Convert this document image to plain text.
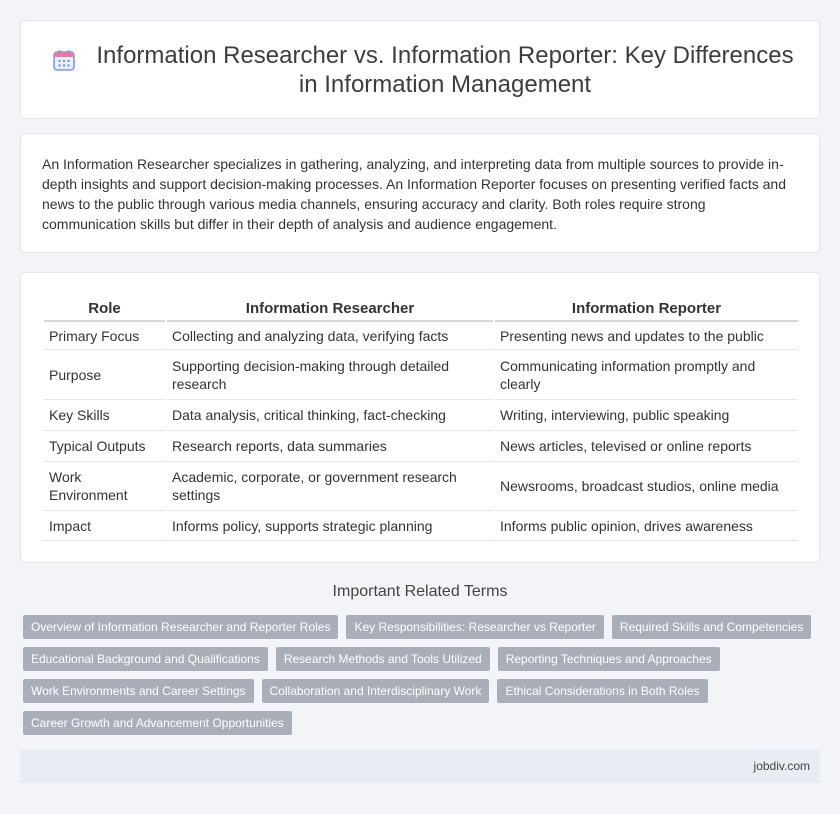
Information Researcher vs. Information Reporter: Key Differences in Information Management

An Information Researcher specializes in gathering, analyzing, and interpreting data from multiple sources to provide in-depth insights and support decision-making processes. An Information Reporter focuses on presenting verified facts and news to the public through various media channels, ensuring accuracy and clarity. Both roles require strong communication skills but differ in their depth of analysis and audience engagement.

Role	Information Researcher	Information Reporter
Primary Focus	Collecting and analyzing data, verifying facts	Presenting news and updates to the public
Purpose	Supporting decision-making through detailed research	Communicating information promptly and clearly
Key Skills	Data analysis, critical thinking, fact-checking	Writing, interviewing, public speaking
Typical Outputs	Research reports, data summaries	News articles, televised or online reports
Work Environment	Academic, corporate, or government research settings	Newsrooms, broadcast studios, online media
Impact	Informs policy, supports strategic planning	Informs public opinion, drives awareness
Important Related Terms
Overview of Information Researcher and Reporter Roles	Key Responsibilities: Researcher vs Reporter	Required Skills and Competencies
Educational Background and Qualifications	Research Methods and Tools Utilized	Reporting Techniques and Approaches
Work Environments and Career Settings	Collaboration and Interdisciplinary Work	Ethical Considerations in Both Roles
Career Growth and Advancement Opportunities
jobdiv.com
